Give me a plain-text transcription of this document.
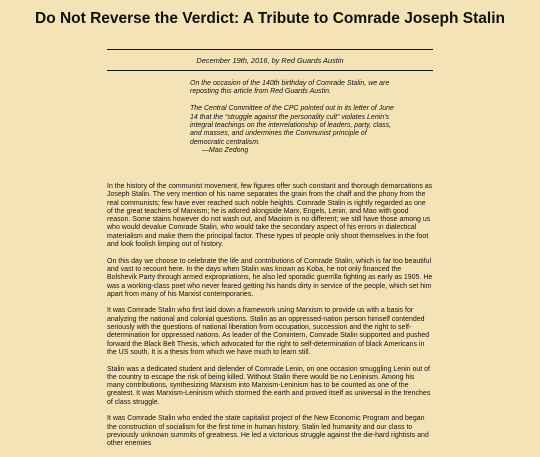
Do Not Reverse the Verdict: A Tribute to Comrade Joseph Stalin
December 19th, 2016, by Red Guards Austin

On the occasion of the 140th birthday of Comrade Stalin, we are reposting this article from Red Guards Austin.

The Central Committee of the CPC pointed out in its letter of June 14 that the “struggle against the personality cult” violates Lenin’s integral teachings on the interrelationship of leaders, party, class, and masses, and undermines the Communist principle of democratic centralism.

—Mao Zedong

In the history of the communist movement, few figures offer such constant and thorough demarcations as Joseph Stalin. The very mention of his name separates the grain from the chaff and the phony from the real communists; few have ever reached such noble heights. Comrade Stalin is rightly regarded as one of the great teachers of Marxism; he is adored alongside Marx, Engels, Lenin, and Mao with good reason. Some stains however do not wash out, and Maoism is no different; we still have those among us who would devalue Comrade Stalin, who would take the secondary aspect of his errors in dialectical materialism and make them the principal factor. These types of people only shoot themselves in the foot and look foolish limping out of history.

On this day we choose to celebrate the life and contributions of Comrade Stalin, which is far too beautiful and vast to recount here. In the days when Stalin was known as Koba, he not only financed the Bolshevik Party through armed expropriations, he also led sporadic guerrilla fighting as early as 1905. He was a working-class poet who never feared getting his hands dirty in service of the people, which set him apart from many of his Marxist contemporaries.

It was Comrade Stalin who first laid down a framework using Marxism to provide us with a basis for analyzing the national and colonial questions. Stalin as an oppressed-nation person himself contended seriously with the questions of national liberation from occupation, succession and the right to self-determination for oppressed nations. As leader of the Comintern, Comrade Stalin supported and pushed forward the Black Belt Thesis, which advocated for the right to self-determination of black Americans in the US south. It is a thesis from which we have much to learn still.

Stalin was a dedicated student and defender of Comrade Lenin, on one occasion smuggling Lenin out of the country to escape the risk of being killed. Without Stalin there would be no Leninism. Among his many contributions, synthesizing Marxism into Marxism-Leninism has to be counted as one of the greatest. It was Marxism-Leninism which stormed the earth and proved itself as universal in the trenches of class struggle.

It was Comrade Stalin who ended the state capitalist project of the New Economic Program and began the construction of socialism for the first time in human history. Stalin led humanity and our class to previously unknown summits of greatness. He led a victorious struggle against the die-hard rightists and other enemies
